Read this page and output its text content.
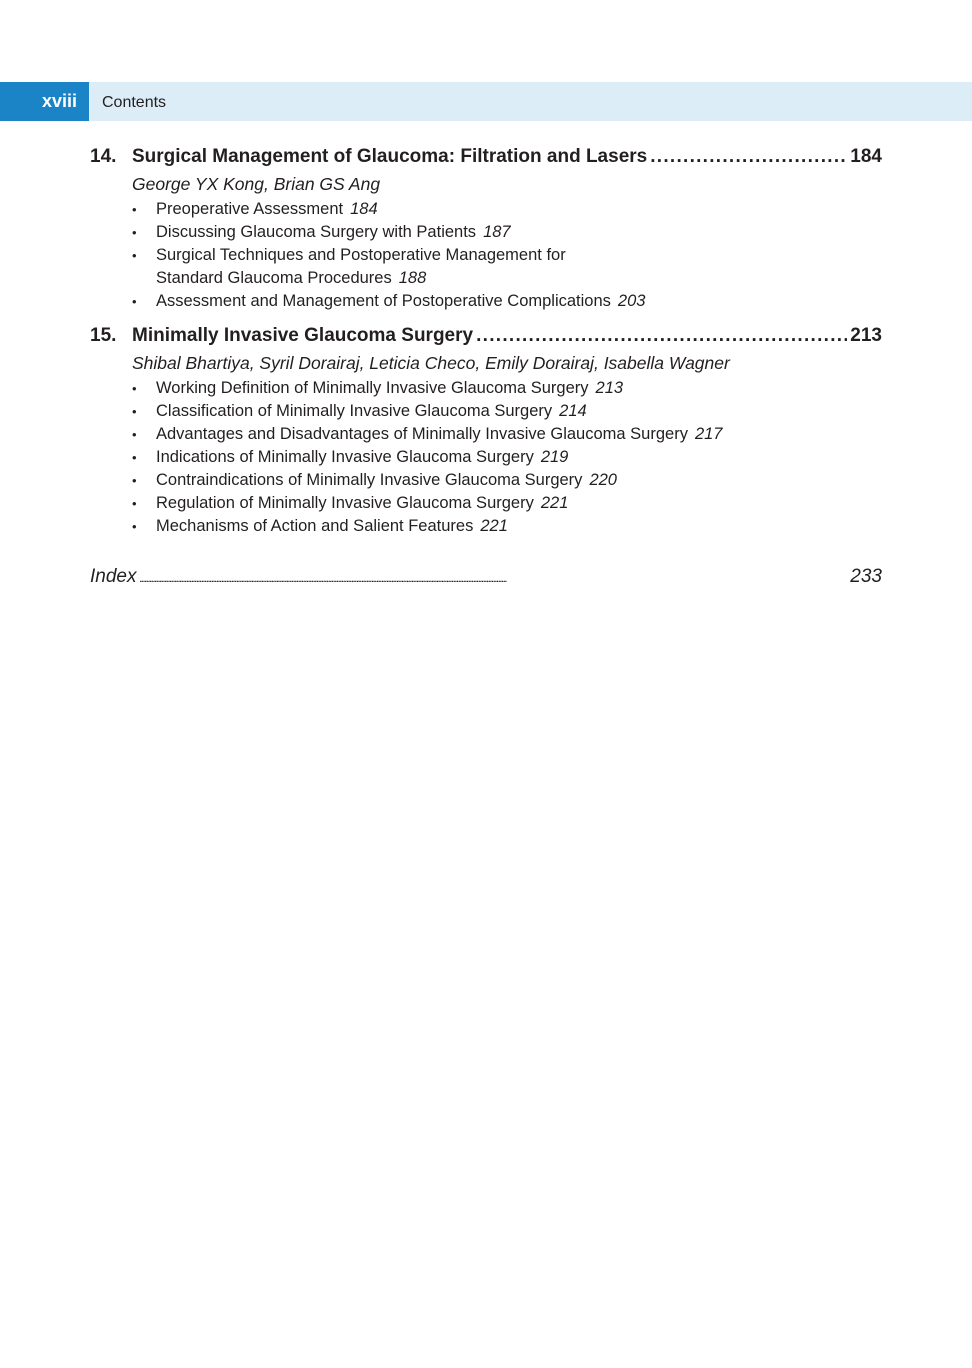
xviii	Contents
14. Surgical Management of Glaucoma: Filtration and Lasers . . .	184
George YX Kong, Brian GS Ang
• Preoperative Assessment 184
• Discussing Glaucoma Surgery with Patients 187
• Surgical Techniques and Postoperative Management for
Standard Glaucoma Procedures 188
• Assessment and Management of Postoperative Complications 203
15. Minimally Invasive Glaucoma Surgery . . .	213
Shibal Bhartiya, Syril Dorairaj, Leticia Checo, Emily Dorairaj, Isabella Wagner
• Working Definition of Minimally Invasive Glaucoma Surgery 213
• Classification of Minimally Invasive Glaucoma Surgery 214
• Advantages and Disadvantages of Minimally Invasive Glaucoma Surgery 217
• Indications of Minimally Invasive Glaucoma Surgery 219
• Contraindications of Minimally Invasive Glaucoma Surgery 220
• Regulation of Minimally Invasive Glaucoma Surgery 221
• Mechanisms of Action and Salient Features 221
Index . . .	233
